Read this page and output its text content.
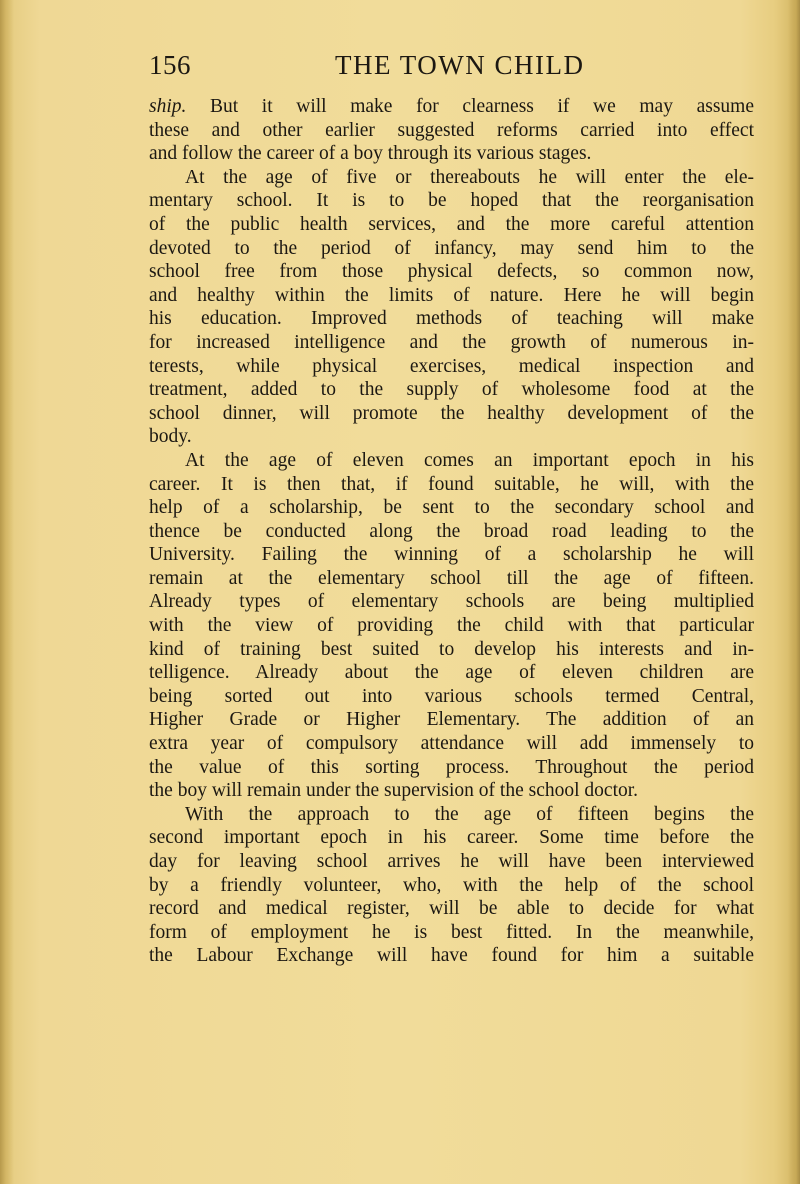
156	THE TOWN CHILD
ship. But it will make for clearness if we may assume
these and other earlier suggested reforms carried into effect
and follow the career of a boy through its various stages.
At the age of five or thereabouts he will enter the ele-
mentary school. It is to be hoped that the reorganisation
of the public health services, and the more careful attention
devoted to the period of infancy, may send him to the
school free from those physical defects, so common now,
and healthy within the limits of nature. Here he will begin
his education. Improved methods of teaching will make
for increased intelligence and the growth of numerous in-
terests, while physical exercises, medical inspection and
treatment, added to the supply of wholesome food at the
school dinner, will promote the healthy development of the
body.
At the age of eleven comes an important epoch in his
career. It is then that, if found suitable, he will, with the
help of a scholarship, be sent to the secondary school and
thence be conducted along the broad road leading to the
University. Failing the winning of a scholarship he will
remain at the elementary school till the age of fifteen.
Already types of elementary schools are being multiplied
with the view of providing the child with that particular
kind of training best suited to develop his interests and in-
telligence. Already about the age of eleven children are
being sorted out into various schools termed Central,
Higher Grade or Higher Elementary. The addition of an
extra year of compulsory attendance will add immensely to
the value of this sorting process. Throughout the period
the boy will remain under the supervision of the school doctor.
With the approach to the age of fifteen begins the
second important epoch in his career. Some time before the
day for leaving school arrives he will have been interviewed
by a friendly volunteer, who, with the help of the school
record and medical register, will be able to decide for what
form of employment he is best fitted. In the meanwhile,
the Labour Exchange will have found for him a suitable
